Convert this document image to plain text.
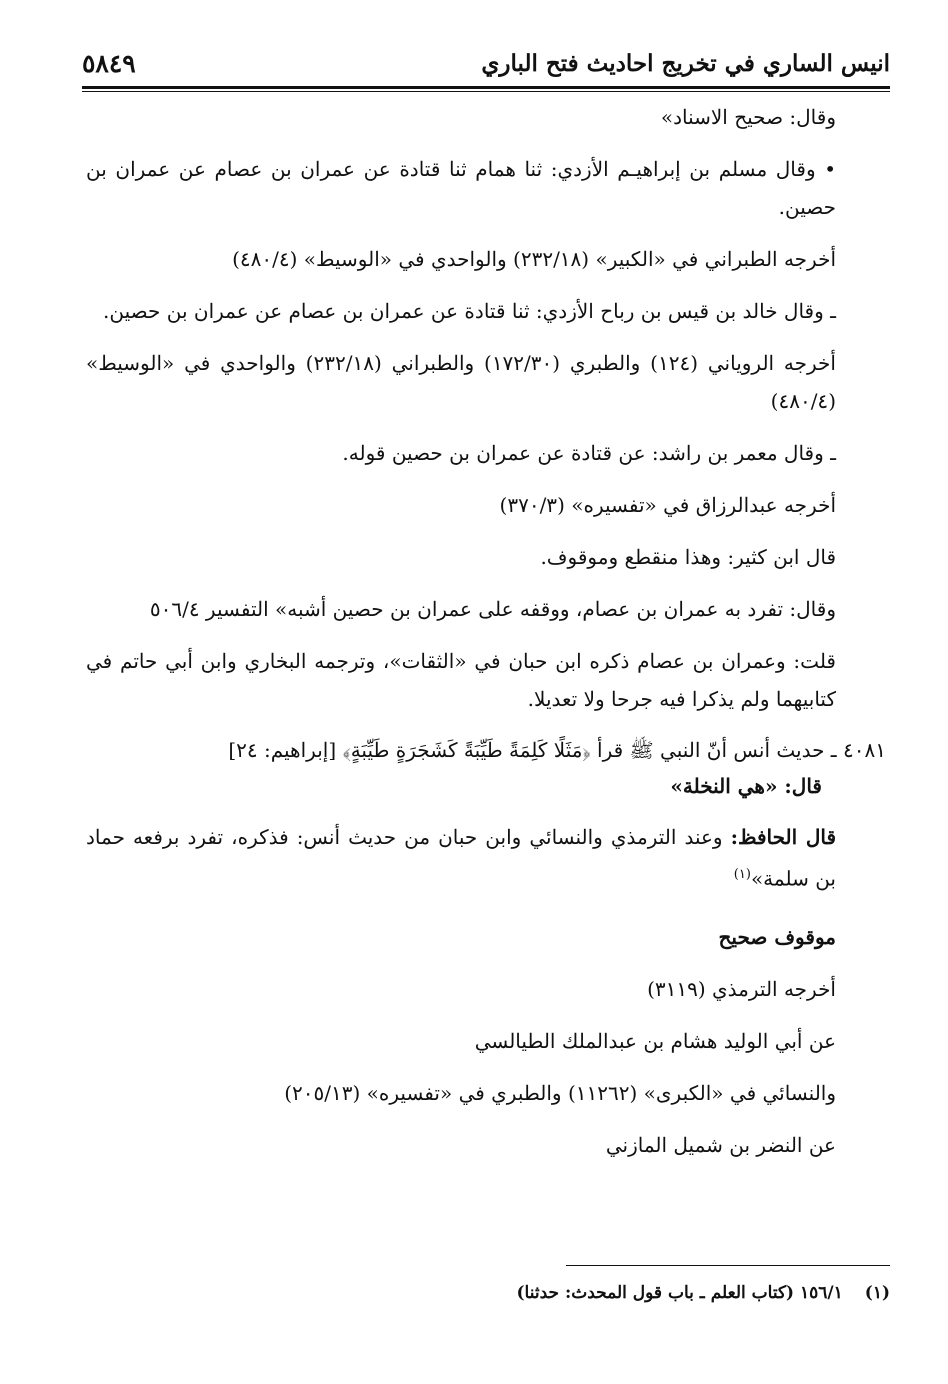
انيس الساري في تخريج احاديث فتح الباري
٥٨٤٩

وقال: صحيح الاسناد»

• وقال مسلم بن إبراهيـم الأزدي: ثنا همام ثنا قتادة عن عمران بن عصام عن عمران بن حصين.

أخرجه الطبراني في «الكبير» (٢٣٢/١٨) والواحدي في «الوسيط» (٤٨٠/٤)

ـ وقال خالد بن قيس بن رباح الأزدي: ثنا قتادة عن عمران بن عصام عن عمران بن حصين.

أخرجه الروياني (١٢٤) والطبري (١٧٢/٣٠) والطبراني (٢٣٢/١٨) والواحدي في «الوسيط» (٤٨٠/٤)

ـ وقال معمر بن راشد: عن قتادة عن عمران بن حصين قوله.

أخرجه عبدالرزاق في «تفسيره» (٣٧٠/٣)

قال ابن كثير: وهذا منقطع وموقوف.

وقال: تفرد به عمران بن عصام، ووقفه على عمران بن حصين أشبه» التفسير ٥٠٦/٤

قلت: وعمران بن عصام ذكره ابن حبان في «الثقات»، وترجمه البخاري وابن أبي حاتم في كتابيهما ولم يذكرا فيه جرحا ولا تعديلا.

٤٠٨١ ـ حديث أنس أنّ النبي ﷺ قرأ ﴿مَثَلًا كَلِمَةً طَيِّبَةً كَشَجَرَةٍ طَيِّبَةٍ﴾ [إبراهيم: ٢٤]

قال: «هي النخلة»

قال الحافظ: وعند الترمذي والنسائي وابن حبان من حديث أنس: فذكره، تفرد برفعه حماد بن سلمة»$^{(١)}$

موقوف صحيح

أخرجه الترمذي (٣١١٩)

عن أبي الوليد هشام بن عبدالملك الطيالسي

والنسائي في «الكبرى» (١١٢٦٢) والطبري في «تفسيره» (٢٠٥/١٣)

عن النضر بن شميل المازني

(١)١٥٦/١ (كتاب العلم ـ باب قول المحدث: حدثنا)
